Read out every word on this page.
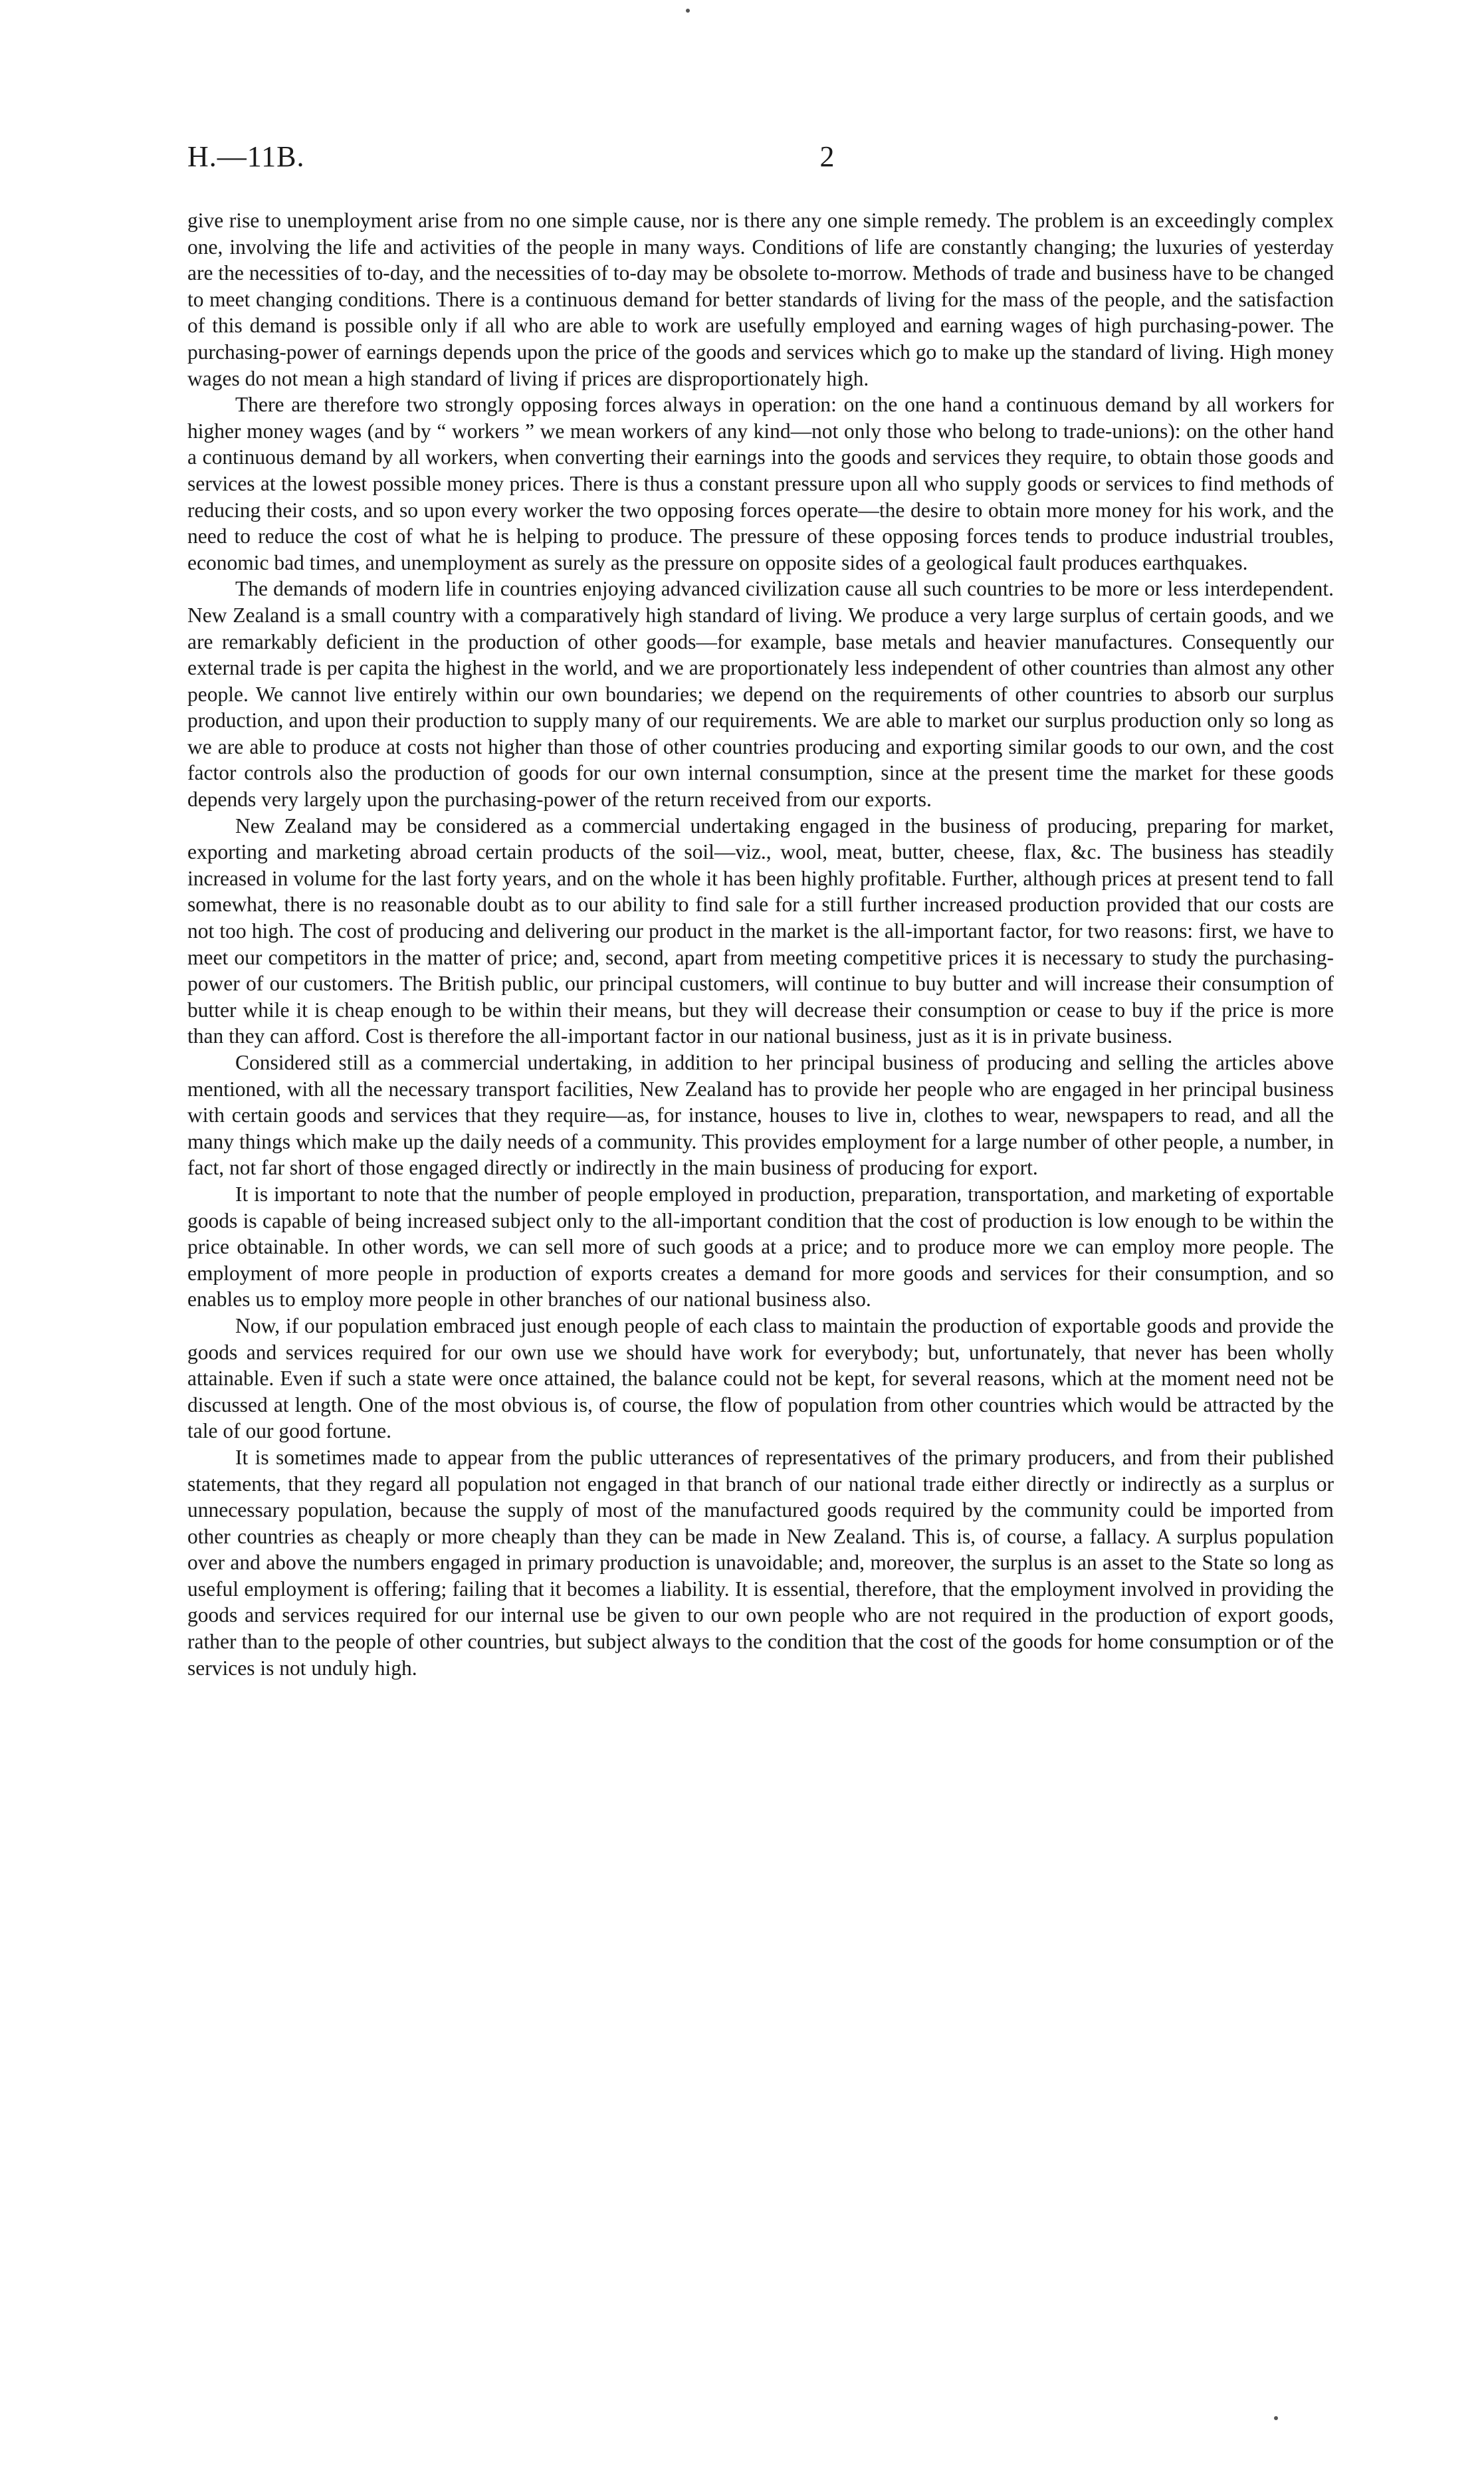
H.—11B.	2

give rise to unemployment arise from no one simple cause, nor is there any one simple remedy. The problem is an exceedingly complex one, involving the life and activities of the people in many ways. Conditions of life are constantly changing; the luxuries of yesterday are the necessities of to-day, and the necessities of to-day may be obsolete to-morrow. Methods of trade and business have to be changed to meet changing conditions. There is a continuous demand for better standards of living for the mass of the people, and the satisfaction of this demand is possible only if all who are able to work are usefully employed and earning wages of high purchasing-power. The purchasing-power of earnings depends upon the price of the goods and services which go to make up the standard of living. High money wages do not mean a high standard of living if prices are disproportionately high.

There are therefore two strongly opposing forces always in operation: on the one hand a continuous demand by all workers for higher money wages (and by “ workers ” we mean workers of any kind—not only those who belong to trade-unions): on the other hand a continuous demand by all workers, when converting their earnings into the goods and services they require, to obtain those goods and services at the lowest possible money prices. There is thus a constant pressure upon all who supply goods or services to find methods of reducing their costs, and so upon every worker the two opposing forces operate—the desire to obtain more money for his work, and the need to reduce the cost of what he is helping to produce. The pressure of these opposing forces tends to produce industrial troubles, economic bad times, and unemployment as surely as the pressure on opposite sides of a geological fault produces earthquakes.

The demands of modern life in countries enjoying advanced civilization cause all such countries to be more or less interdependent. New Zealand is a small country with a comparatively high standard of living. We produce a very large surplus of certain goods, and we are remarkably deficient in the production of other goods—for example, base metals and heavier manufactures. Consequently our external trade is per capita the highest in the world, and we are proportionately less independent of other countries than almost any other people. We cannot live entirely within our own boundaries; we depend on the requirements of other countries to absorb our surplus production, and upon their production to supply many of our requirements. We are able to market our surplus production only so long as we are able to produce at costs not higher than those of other countries producing and exporting similar goods to our own, and the cost factor controls also the production of goods for our own internal consumption, since at the present time the market for these goods depends very largely upon the purchasing-power of the return received from our exports.

New Zealand may be considered as a commercial undertaking engaged in the business of producing, preparing for market, exporting and marketing abroad certain products of the soil—viz., wool, meat, butter, cheese, flax, &c. The business has steadily increased in volume for the last forty years, and on the whole it has been highly profitable. Further, although prices at present tend to fall somewhat, there is no reasonable doubt as to our ability to find sale for a still further increased production provided that our costs are not too high. The cost of producing and delivering our product in the market is the all-important factor, for two reasons: first, we have to meet our competitors in the matter of price; and, second, apart from meeting competitive prices it is necessary to study the purchasing-power of our customers. The British public, our principal customers, will continue to buy butter and will increase their consumption of butter while it is cheap enough to be within their means, but they will decrease their consumption or cease to buy if the price is more than they can afford. Cost is therefore the all-important factor in our national business, just as it is in private business.

Considered still as a commercial undertaking, in addition to her principal business of producing and selling the articles above mentioned, with all the necessary transport facilities, New Zealand has to provide her people who are engaged in her principal business with certain goods and services that they require—as, for instance, houses to live in, clothes to wear, newspapers to read, and all the many things which make up the daily needs of a community. This provides employment for a large number of other people, a number, in fact, not far short of those engaged directly or indirectly in the main business of producing for export.

It is important to note that the number of people employed in production, preparation, transportation, and marketing of exportable goods is capable of being increased subject only to the all-important condition that the cost of production is low enough to be within the price obtainable. In other words, we can sell more of such goods at a price; and to produce more we can employ more people. The employment of more people in production of exports creates a demand for more goods and services for their consumption, and so enables us to employ more people in other branches of our national business also.

Now, if our population embraced just enough people of each class to maintain the production of exportable goods and provide the goods and services required for our own use we should have work for everybody; but, unfortunately, that never has been wholly attainable. Even if such a state were once attained, the balance could not be kept, for several reasons, which at the moment need not be discussed at length. One of the most obvious is, of course, the flow of population from other countries which would be attracted by the tale of our good fortune.

It is sometimes made to appear from the public utterances of representatives of the primary producers, and from their published statements, that they regard all population not engaged in that branch of our national trade either directly or indirectly as a surplus or unnecessary population, because the supply of most of the manufactured goods required by the community could be imported from other countries as cheaply or more cheaply than they can be made in New Zealand. This is, of course, a fallacy. A surplus population over and above the numbers engaged in primary production is unavoidable; and, moreover, the surplus is an asset to the State so long as useful employment is offering; failing that it becomes a liability. It is essential, therefore, that the employment involved in providing the goods and services required for our internal use be given to our own people who are not required in the production of export goods, rather than to the people of other countries, but subject always to the condition that the cost of the goods for home consumption or of the services is not unduly high.
